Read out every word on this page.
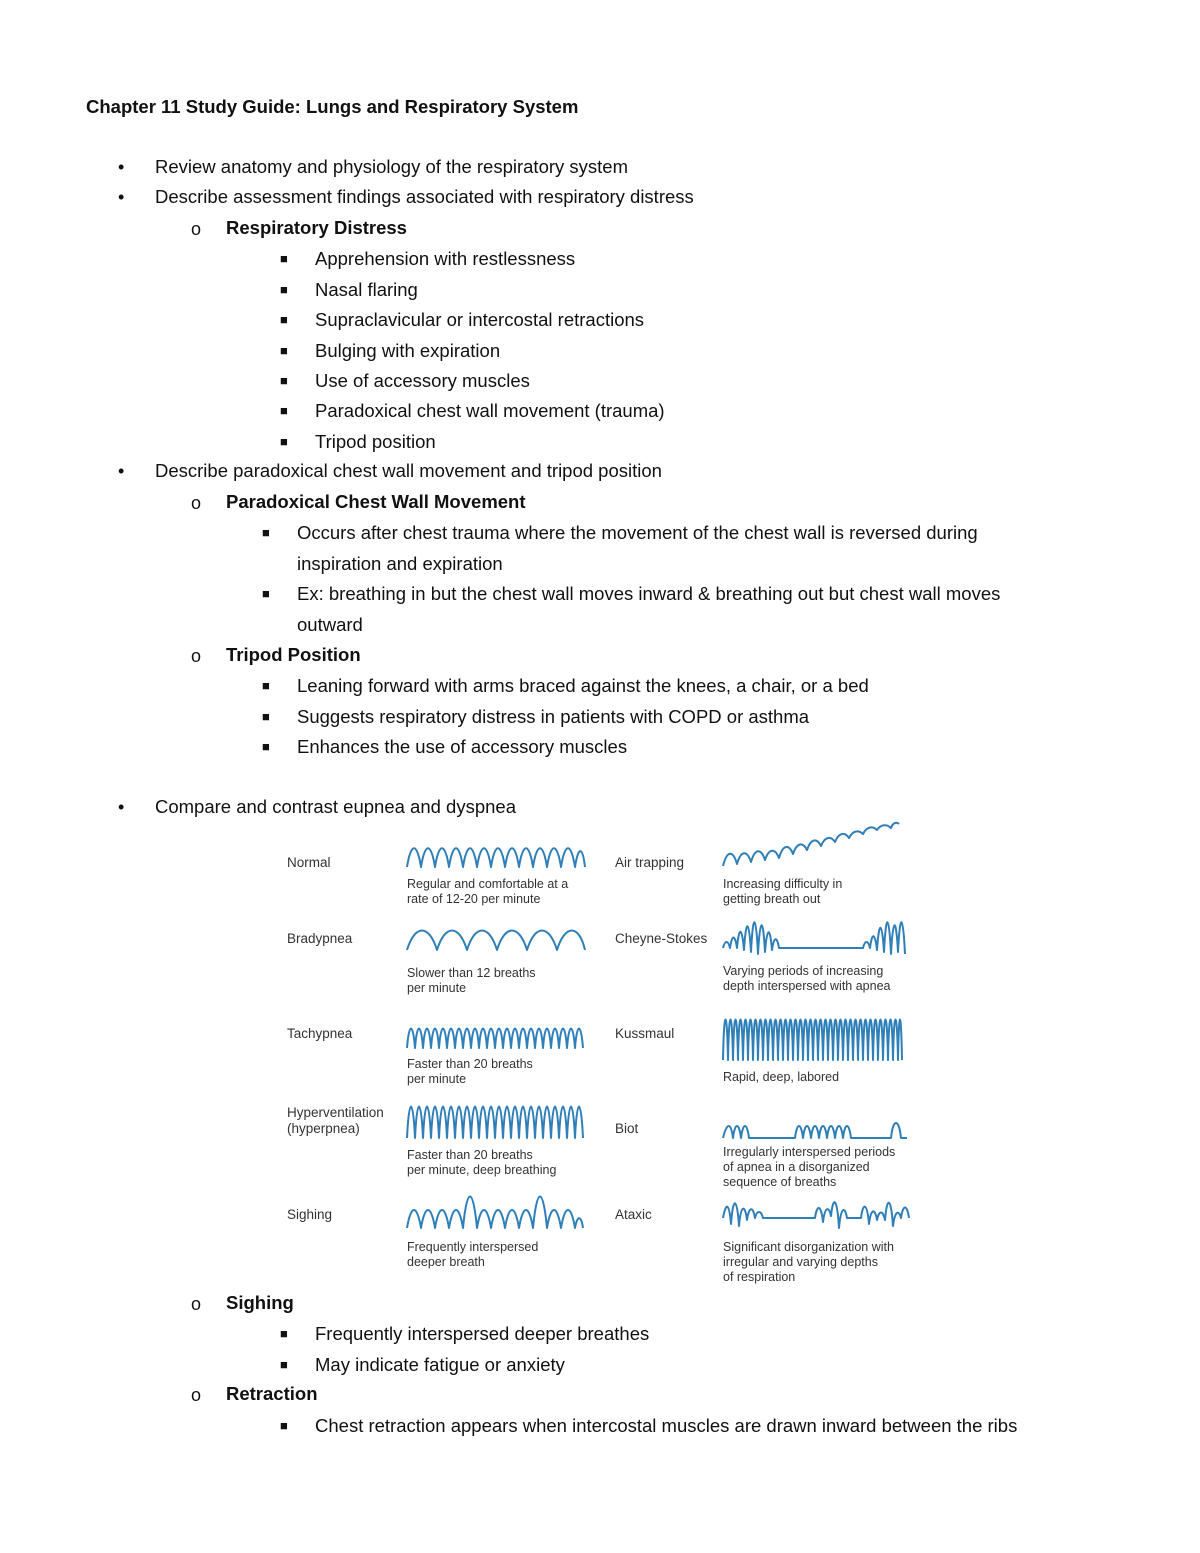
Chapter 11 Study Guide: Lungs and Respiratory System
• Review anatomy and physiology of the respiratory system
• Describe assessment findings associated with respiratory distress
o Respiratory Distress
■ Apprehension with restlessness
■ Nasal flaring
■ Supraclavicular or intercostal retractions
■ Bulging with expiration
■ Use of accessory muscles
■ Paradoxical chest wall movement (trauma)
■ Tripod position
• Describe paradoxical chest wall movement and tripod position
o Paradoxical Chest Wall Movement
■ Occurs after chest trauma where the movement of the chest wall is reversed during
inspiration and expiration
■ Ex: breathing in but the chest wall moves inward & breathing out but chest wall moves
outward
o Tripod Position
■ Leaning forward with arms braced against the knees, a chair, or a bed
■ Suggests respiratory distress in patients with COPD or asthma
■ Enhances the use of accessory muscles
• Compare and contrast eupnea and dyspnea
Normal
Regular and comfortable at a
rate of 12-20 per minute
Bradypnea
Slower than 12 breaths
per minute
Tachypnea
Faster than 20 breaths
per minute
Hyperventilation
(hyperpnea)
Faster than 20 breaths
per minute, deep breathing
Sighing
Frequently interspersed
deeper breath
Air trapping
Increasing difficulty in
getting breath out
Cheyne-Stokes
Varying periods of increasing
depth interspersed with apnea
Kussmaul
Rapid, deep, labored
Biot
Irregularly interspersed periods
of apnea in a disorganized
sequence of breaths
Ataxic
Significant disorganization with
irregular and varying depths
of respiration
o Sighing
■ Frequently interspersed deeper breathes
■ May indicate fatigue or anxiety
o Retraction
■ Chest retraction appears when intercostal muscles are drawn inward between the ribs
